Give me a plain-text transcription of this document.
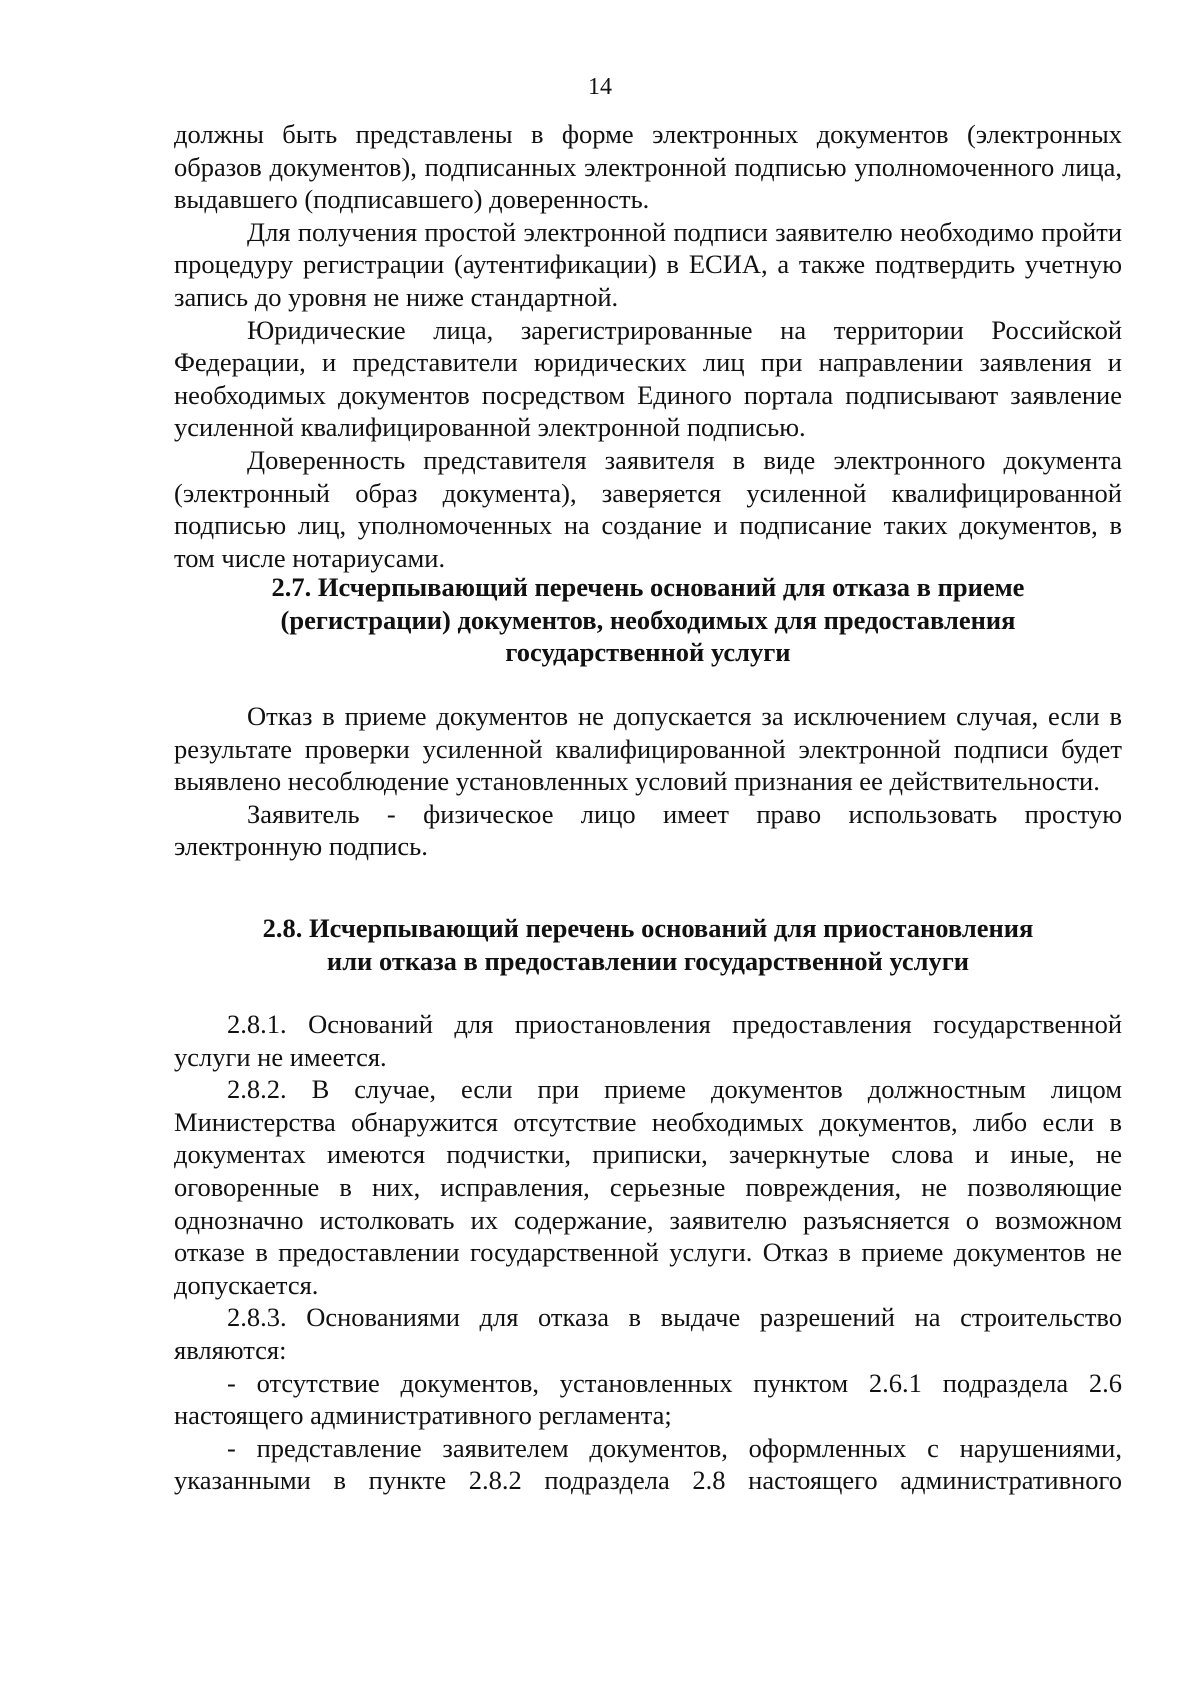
14

должны быть представлены в форме электронных документов (электронных образов документов), подписанных электронной подписью уполномоченного лица, выдавшего (подписавшего) доверенность.

Для получения простой электронной подписи заявителю необходимо пройти процедуру регистрации (аутентификации) в ЕСИА, а также подтвердить учетную запись до уровня не ниже стандартной.

Юридические лица, зарегистрированные на территории Российской Федерации, и представители юридических лиц при направлении заявления и необходимых документов посредством Единого портала подписывают заявление усиленной квалифицированной электронной подписью.

Доверенность представителя заявителя в виде электронного документа (электронный образ документа), заверяется усиленной квалифицированной подписью лиц, уполномоченных на создание и подписание таких документов, в том числе нотариусами.

2.7. Исчерпывающий перечень оснований для отказа в приеме
(регистрации) документов, необходимых для предоставления
государственной услуги

Отказ в приеме документов не допускается за исключением случая, если в результате проверки усиленной квалифицированной электронной подписи будет выявлено несоблюдение установленных условий признания ее действительности.

Заявитель - физическое лицо имеет право использовать простую электронную подпись.

2.8. Исчерпывающий перечень оснований для приостановления
или отказа в предоставлении государственной услуги

2.8.1. Оснований для приостановления предоставления государственной услуги не имеется.

2.8.2. В случае, если при приеме документов должностным лицом Министерства обнаружится отсутствие необходимых документов, либо если в документах имеются подчистки, приписки, зачеркнутые слова и иные, не оговоренные в них, исправления, серьезные повреждения, не позволяющие однозначно истолковать их содержание, заявителю разъясняется о возможном отказе в предоставлении государственной услуги. Отказ в приеме документов не допускается.

2.8.3. Основаниями для отказа в выдаче разрешений на строительство являются:

- отсутствие документов, установленных пунктом 2.6.1 подраздела 2.6 настоящего административного регламента;

- представление заявителем документов, оформленных с нарушениями, указанными в пункте 2.8.2 подраздела 2.8 настоящего административного
